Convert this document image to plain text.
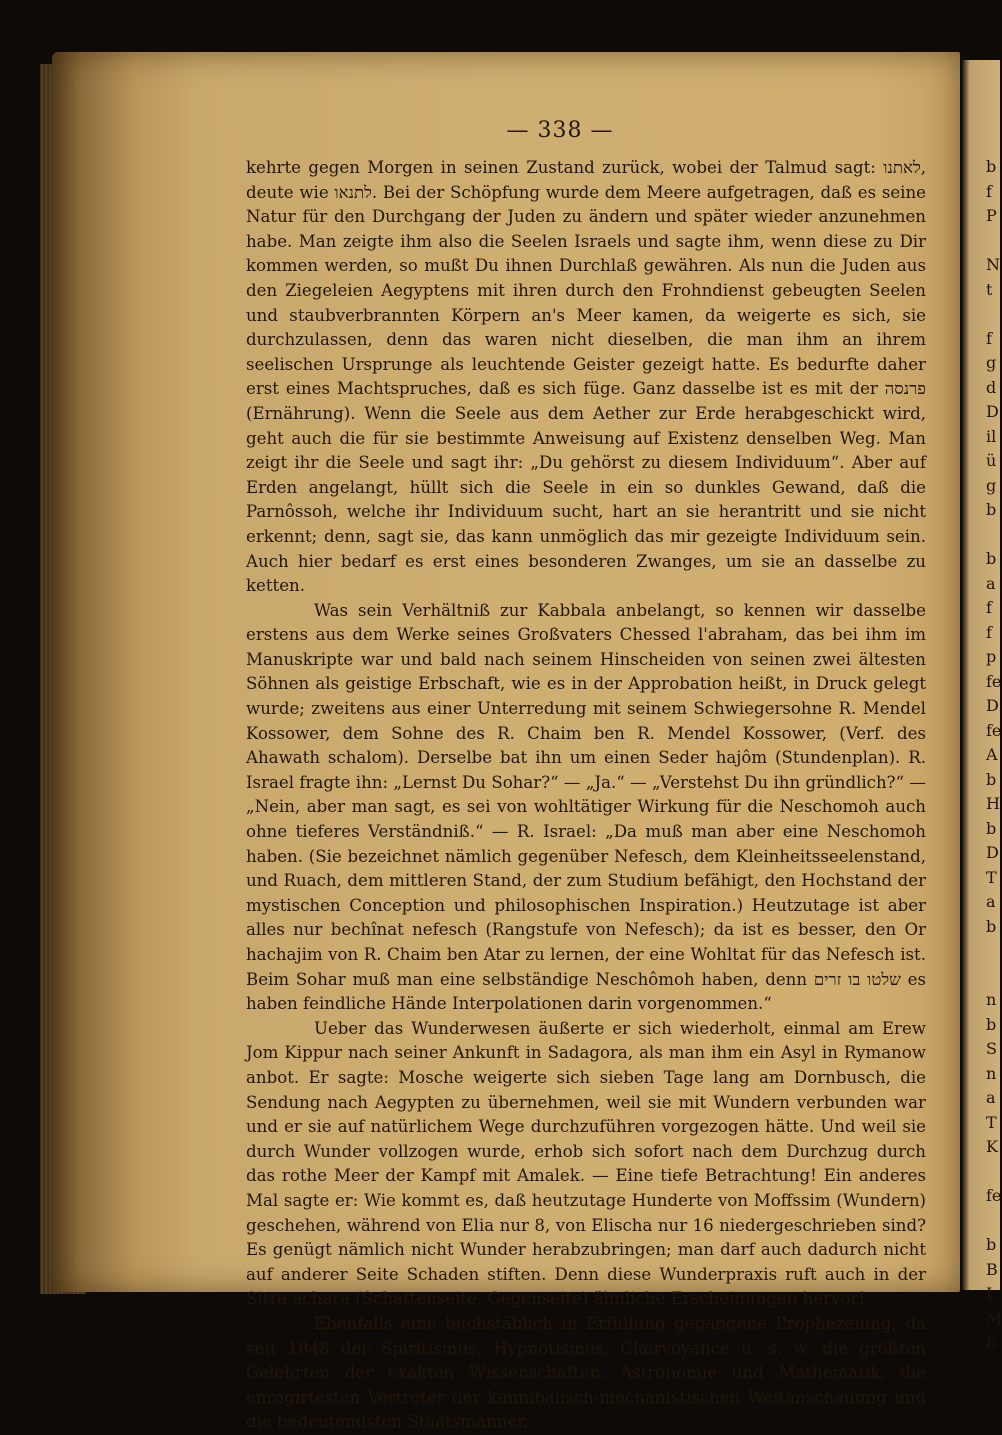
b
f
P
N
t
f
g
d
D
il
ü
g
b
b
a
f
f
p
fe
D
fe
A
b
H
b
D
T
a
b
n
b
S
n
a
T
K
fe
b
B
L
M
b
— 338 —

kehrte gegen Morgen in seinen Zustand zurück, wobei der Talmud sagt: לאתנו, deute wie לתנאו. Bei der Schöpfung wurde dem Meere aufgetragen, daß es seine Natur für den Durchgang der Juden zu ändern und später wieder anzunehmen habe. Man zeigte ihm also die Seelen Israels und sagte ihm, wenn diese zu Dir kommen werden, so mußt Du ihnen Durchlaß gewähren. Als nun die Juden aus den Ziegeleien Aegyptens mit ihren durch den Frohndienst gebeugten Seelen und staubverbrannten Körpern an's Meer kamen, da weigerte es sich, sie durchzulassen, denn das waren nicht dieselben, die man ihm an ihrem seelischen Ursprunge als leuchtende Geister gezeigt hatte. Es bedurfte daher erst eines Machtspruches, daß es sich füge. Ganz dasselbe ist es mit der פרנסה (Ernährung). Wenn die Seele aus dem Aether zur Erde herabgeschickt wird, geht auch die für sie bestimmte Anweisung auf Existenz denselben Weg. Man zeigt ihr die Seele und sagt ihr: „Du gehörst zu diesem Individuum“. Aber auf Erden angelangt, hüllt sich die Seele in ein so dunkles Gewand, daß die Parnôssoh, welche ihr Individuum sucht, hart an sie herantritt und sie nicht erkennt; denn, sagt sie, das kann unmöglich das mir gezeigte Individuum sein. Auch hier bedarf es erst eines besonderen Zwanges, um sie an dasselbe zu ketten.

Was sein Verhältniß zur Kabbala anbelangt, so kennen wir dasselbe erstens aus dem Werke seines Großvaters Chessed l'abraham, das bei ihm im Manuskripte war und bald nach seinem Hinscheiden von seinen zwei ältesten Söhnen als geistige Erbschaft, wie es in der Approbation heißt, in Druck gelegt wurde; zweitens aus einer Unterredung mit seinem Schwiegersohne R. Mendel Kossower, dem Sohne des R. Chaim ben R. Mendel Kossower, (Verf. des Ahawath schalom). Derselbe bat ihn um einen Seder hajôm (Stundenplan). R. Israel fragte ihn: „Lernst Du Sohar?“ — „Ja.“ — „Verstehst Du ihn gründlich?“ — „Nein, aber man sagt, es sei von wohltätiger Wirkung für die Neschomoh auch ohne tieferes Verständniß.“ — R. Israel: „Da muß man aber eine Neschomoh haben. (Sie bezeichnet nämlich gegenüber Nefesch, dem Kleinheitsseelenstand, und Ruach, dem mittleren Stand, der zum Studium befähigt, den Hochstand der mystischen Conception und philosophischen Inspiration.) Heutzutage ist aber alles nur bechînat nefesch (Rangstufe von Nefesch); da ist es besser, den Or hachajim von R. Chaim ben Atar zu lernen, der eine Wohltat für das Nefesch ist. Beim Sohar muß man eine selbständige Neschômoh haben, denn שלטו בו זרים es haben feindliche Hände Interpolationen darin vorgenommen.“

Ueber das Wunderwesen äußerte er sich wiederholt, einmal am Erew Jom Kippur nach seiner Ankunft in Sadagora, als man ihm ein Asyl in Rymanow anbot. Er sagte: Mosche weigerte sich sieben Tage lang am Dornbusch, die Sendung nach Aegypten zu übernehmen, weil sie mit Wundern verbunden war und er sie auf natürlichem Wege durchzuführen vorgezogen hätte. Und weil sie durch Wunder vollzogen wurde, erhob sich sofort nach dem Durchzug durch das rothe Meer der Kampf mit Amalek. — Eine tiefe Betrachtung! Ein anderes Mal sagte er: Wie kommt es, daß heutzutage Hunderte von Moffssim (Wundern) geschehen, während von Elia nur 8, von Elischa nur 16 niedergeschrieben sind? Es genügt nämlich nicht Wunder herabzubringen; man darf auch dadurch nicht auf anderer Seite Schaden stiften. Denn diese Wunderpraxis ruft auch in der Sitra achara (Schattenseite, Gegenseite) ähnliche Erscheinungen hervor!

Ebenfalls eine buchstäblich in Erfüllung gegangene Prophezeiung, da seit 1848 der Spiritismus, Hypnotismus, Clairvoyance u. s. w. die größten Gelehrten der exakten Wissenschaften, Astronomie und Mathematik, die enragirtesten Vertreter der kannibalisch-mechanistischen Weltanschauung und die bedeutendsten Staatsmänner,
